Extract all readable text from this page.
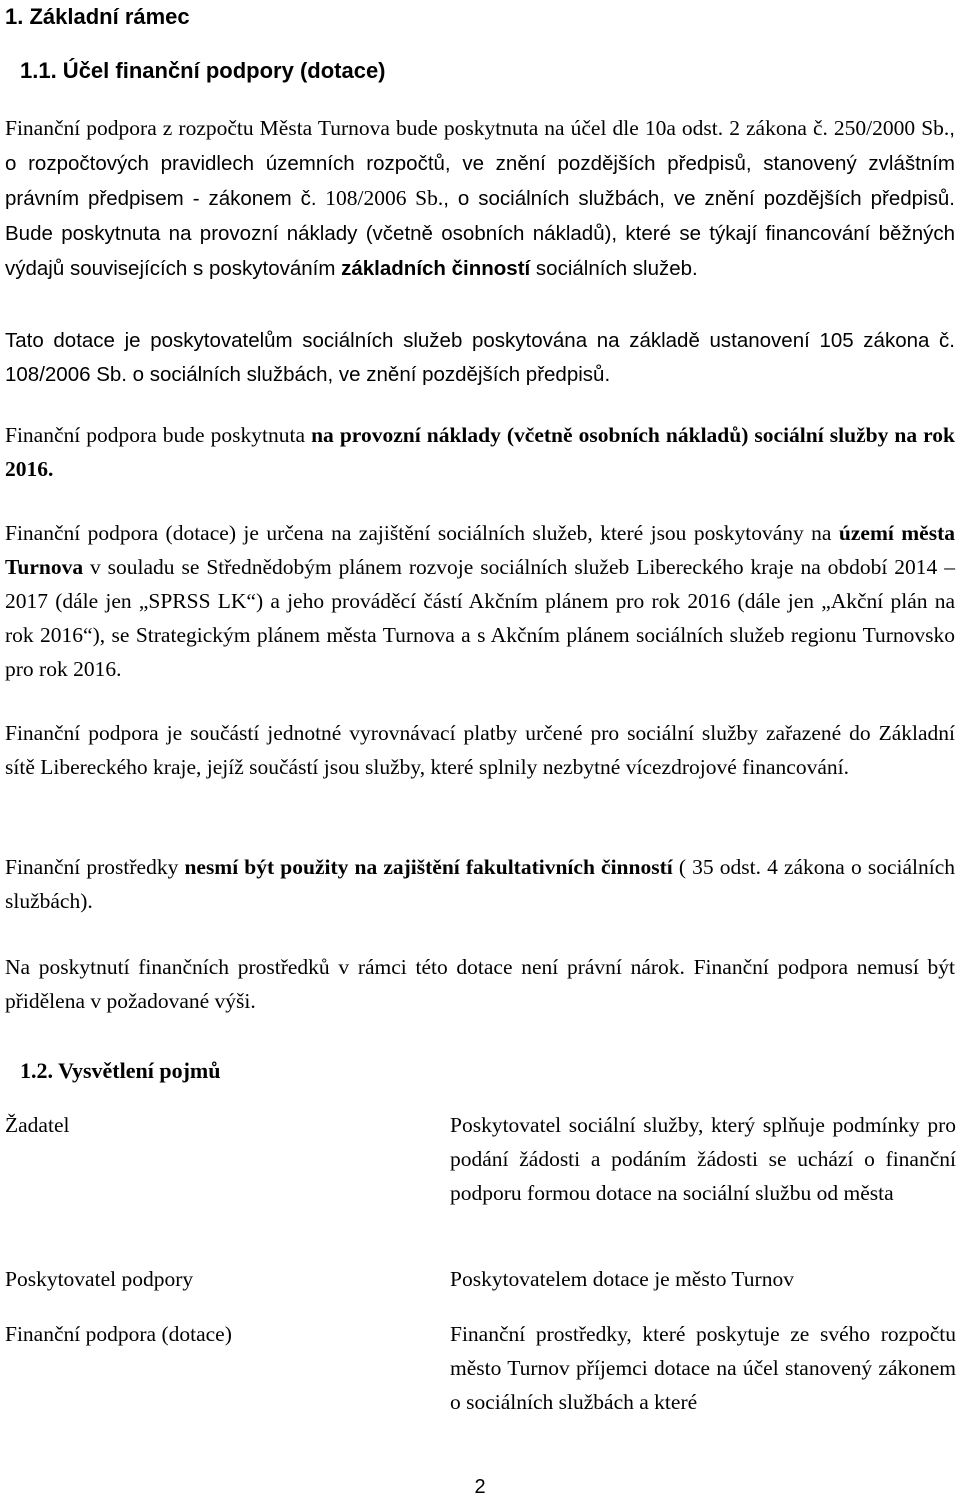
1. Základní rámec
1.1. Účel finanční podpory (dotace)

Finanční podpora z rozpočtu Města Turnova bude poskytnuta na účel dle 10a odst. 2 zákona č. 250/2000 Sb., o rozpočtových pravidlech územních rozpočtů, ve znění pozdějších předpisů, stanovený zvláštním právním předpisem - zákonem č. 108/2006 Sb., o sociálních službách, ve znění pozdějších předpisů. Bude poskytnuta na provozní náklady (včetně osobních nákladů), které se týkají financování běžných výdajů souvisejících s poskytováním základních činností sociálních služeb.

Tato dotace je poskytovatelům sociálních služeb poskytována na základě ustanovení 105 zákona č. 108/2006 Sb. o sociálních službách, ve znění pozdějších předpisů.

Finanční podpora bude poskytnuta na provozní náklady (včetně osobních nákladů) sociální služby na rok 2016.

Finanční podpora (dotace) je určena na zajištění sociálních služeb, které jsou poskytovány na území města Turnova v souladu se Střednědobým plánem rozvoje sociálních služeb Libereckého kraje na období 2014 – 2017 (dále jen „SPRSS LK“) a jeho prováděcí částí Akčním plánem pro rok 2016 (dále jen „Akční plán na rok 2016“), se Strategickým plánem města Turnova a s Akčním plánem sociálních služeb regionu Turnovsko pro rok 2016.

Finanční podpora je součástí jednotné vyrovnávací platby určené pro sociální služby zařazené do Základní sítě Libereckého kraje, jejíž součástí jsou služby, které splnily nezbytné vícezdrojové financování.

Finanční prostředky nesmí být použity na zajištění fakultativních činností ( 35 odst. 4 zákona o sociálních službách).

Na poskytnutí finančních prostředků v rámci této dotace není právní nárok. Finanční podpora nemusí být přidělena v požadované výši.

1.2. Vysvětlení pojmů

Žadatel	Poskytovatel sociální služby, který splňuje podmínky pro podání žádosti a podáním žádosti se uchází o finanční podporu formou dotace na sociální službu od města

Poskytovatel podpory	Poskytovatelem dotace je město Turnov

Finanční podpora (dotace)	Finanční prostředky, které poskytuje ze svého rozpočtu město Turnov příjemci dotace na účel stanovený zákonem o sociálních službách a které

2
